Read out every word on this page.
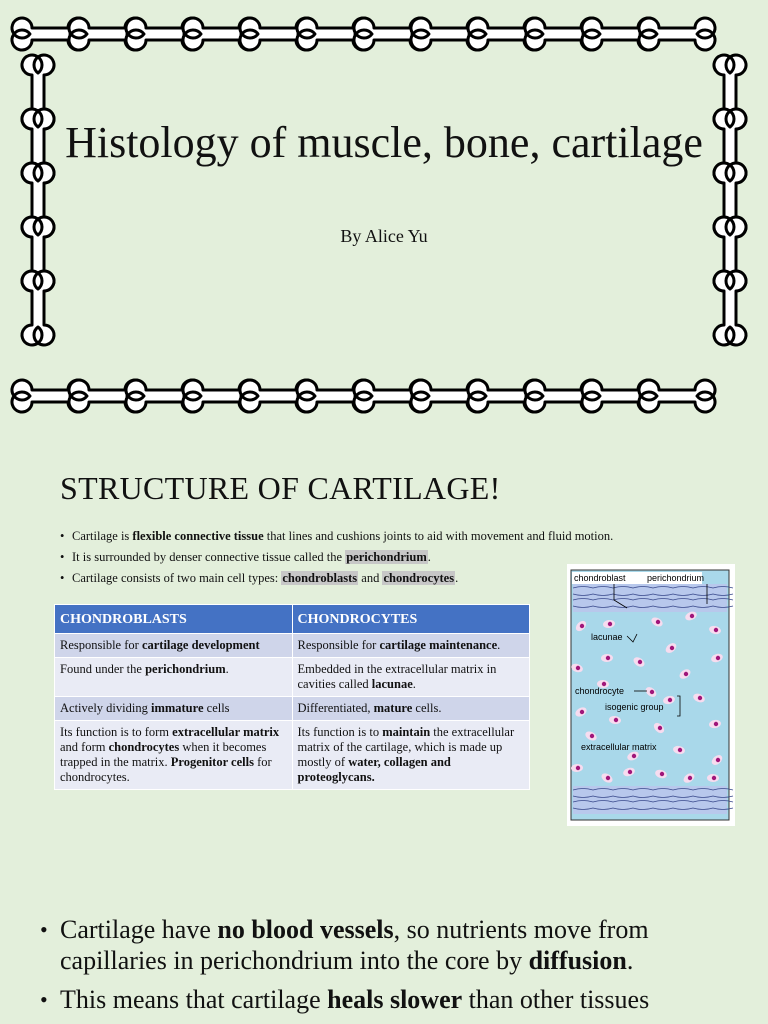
Histology of muscle, bone, cartilage

By Alice Yu

STRUCTURE OF CARTILAGE!
• Cartilage is flexible connective tissue that lines and cushions joints to aid with movement and fluid motion.
• It is surrounded by denser connective tissue called the perichondrium.
• Cartilage consists of two main cell types: chondroblasts and chondrocytes.
CHONDROBLASTS	CHONDROCYTES
Responsible for cartilage development	Responsible for cartilage maintenance.
Found under the perichondrium.	Embedded in the extracellular matrix in cavities called lacunae.
Actively dividing immature cells	Differentiated, mature cells.
Its function is to form extracellular matrix and form chondrocytes when it becomes trapped in the matrix. Progenitor cells for chondrocytes.	Its function is to maintain the extracellular matrix of the cartilage, which is made up mostly of water, collagen and proteoglycans.
chondroblast perichondrium
lacunae
chondrocyte
isogenic group
extracellular matrix
• Cartilage have no blood vessels, so nutrients move from capillaries in perichondrium into the core by diffusion.
• This means that cartilage heals slower than other tissues
